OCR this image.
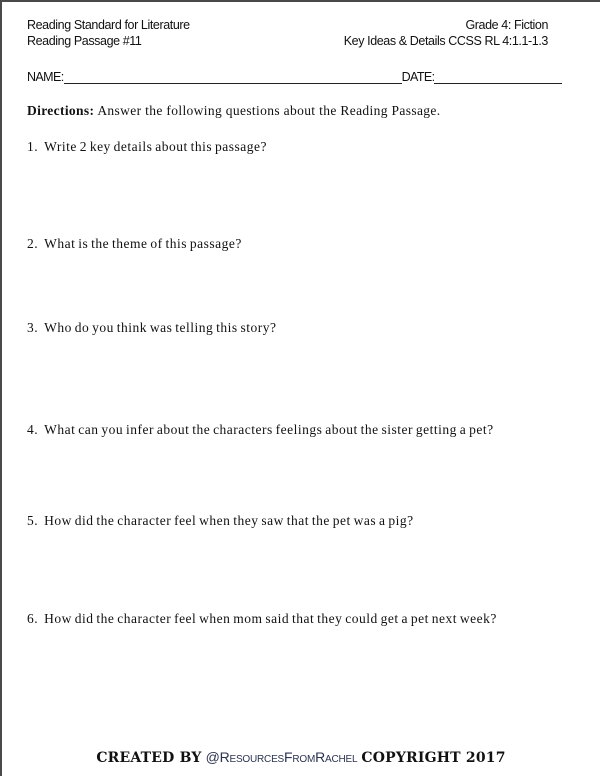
Reading Standard for Literature
Reading Passage #11
Grade 4: Fiction
Key Ideas & Details CCSS RL 4:1.1-1.3
NAME:	DATE:
Directions: Answer the following questions about the Reading Passage.
1. Write 2 key details about this passage?
2. What is the theme of this passage?
3. Who do you think was telling this story?
4. What can you infer about the characters feelings about the sister getting a pet?
5. How did the character feel when they saw that the pet was a pig?
6. How did the character feel when mom said that they could get a pet next week?
CREATED BY @ResourcesFromRachel COPYRIGHT 2017
